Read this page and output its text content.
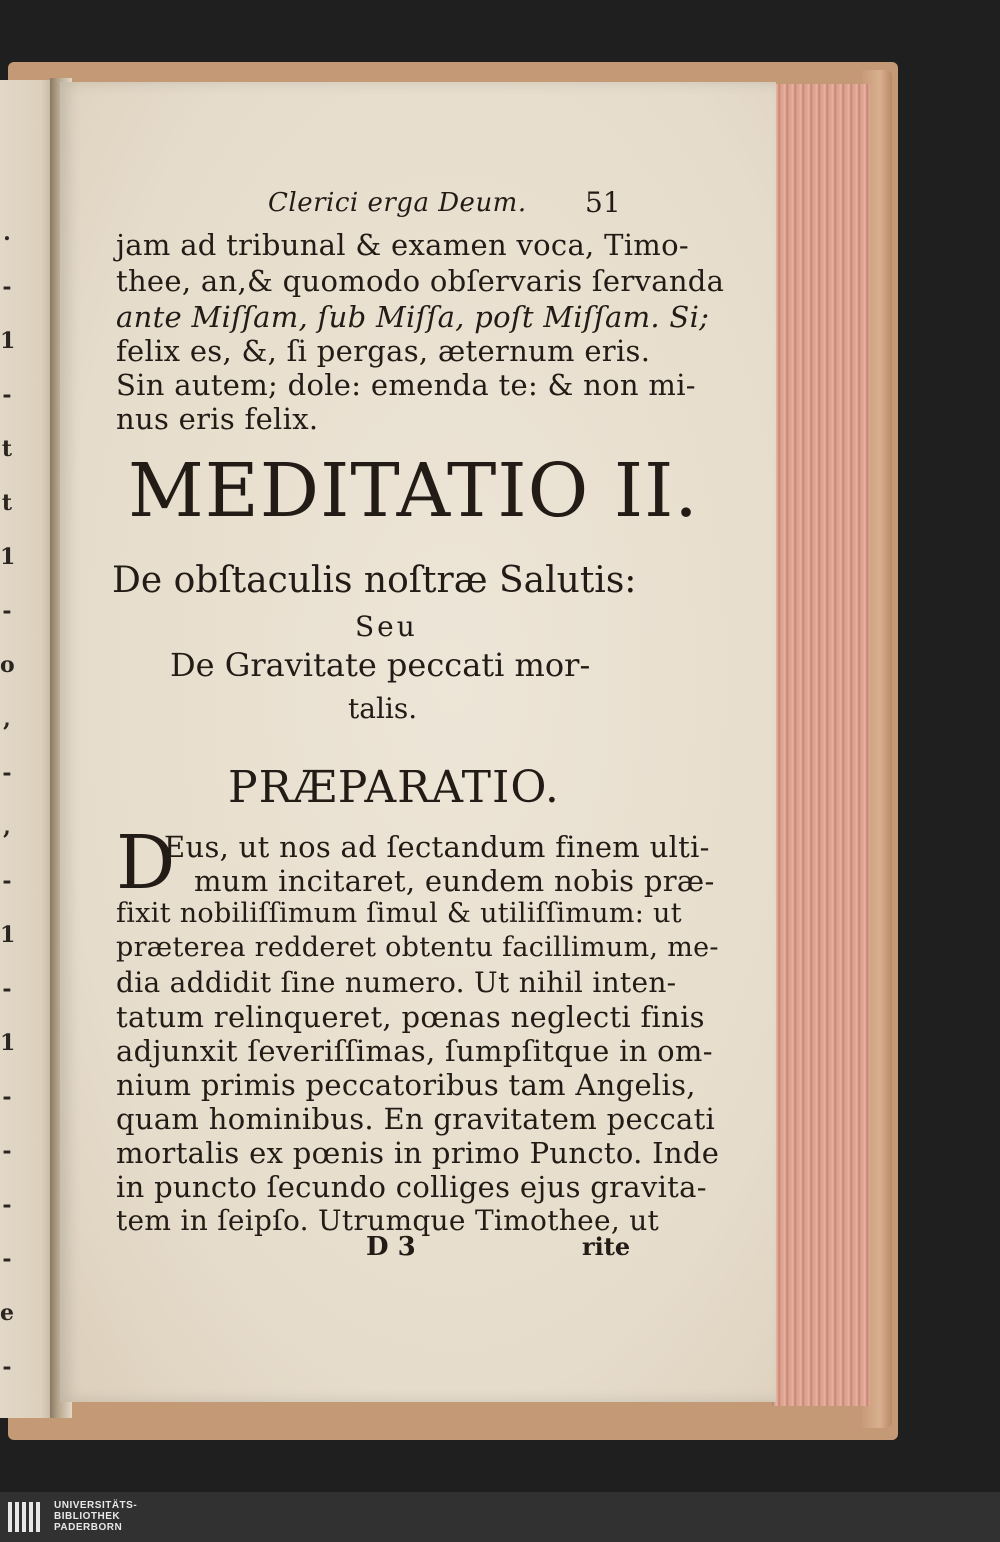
.
-
1
-
t
t
1
-
o
,
-
,
-
1
-
1
-
-
-
-
e
-
Clerici erga Deum. 51
jam ad tribunal & examen voca, Timo-
thee, an,& quomodo obſervaris ſervanda
ante Miſſam, ſub Miſſa, poſt Miſſam. Si;
felix es, &, ſi pergas, æternum eris.
Sin autem; dole: emenda te: & non mi-
nus eris felix.
MEDITATIO II.
De obſtaculis noſtræ Salutis:
Seu
De Gravitate peccati mor-
talis.
PRÆPARATIO.
D
Eus, ut nos ad ſectandum finem ulti-
mum incitaret, eundem nobis præ-
fixit nobiliſſimum ſimul & utiliſſimum: ut
præterea redderet obtentu facillimum, me-
dia addidit ſine numero. Ut nihil inten-
tatum relinqueret, pœnas neglecti finis
adjunxit ſeveriſſimas, ſumpſitque in om-
nium primis peccatoribus tam Angelis,
quam hominibus. En gravitatem peccati
mortalis ex pœnis in primo Puncto. Inde
in puncto ſecundo colliges ejus gravita-
tem in ſeipſo. Utrumque Timothee, ut
D 3	rite
UNIVERSITÄTS-
BIBLIOTHEK
PADERBORN
